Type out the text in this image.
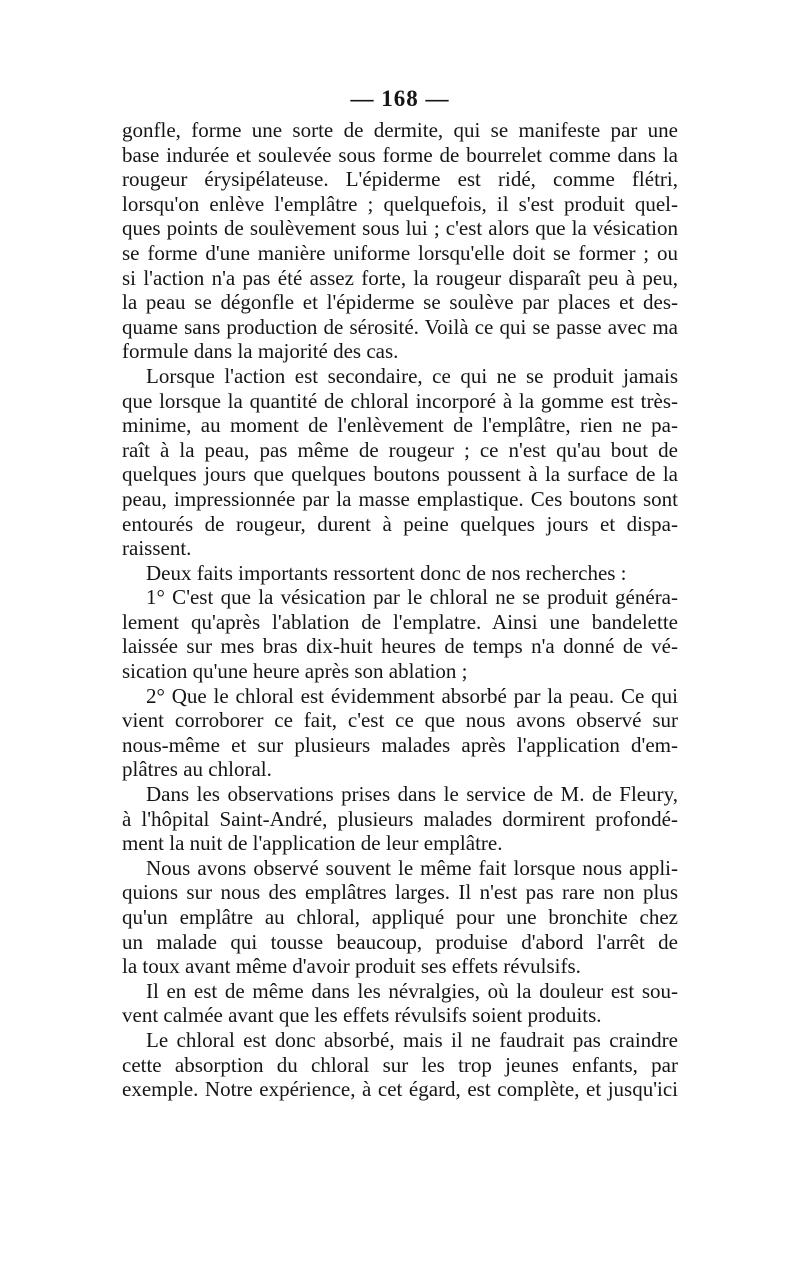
— 168 —
gonfle, forme une sorte de dermite, qui se manifeste par une
base indurée et soulevée sous forme de bourrelet comme dans la
rougeur érysipélateuse. L'épiderme est ridé, comme flétri,
lorsqu'on enlève l'emplâtre ; quelquefois, il s'est produit quel-
ques points de soulèvement sous lui ; c'est alors que la vésication
se forme d'une manière uniforme lorsqu'elle doit se former ; ou
si l'action n'a pas été assez forte, la rougeur disparaît peu à peu,
la peau se dégonfle et l'épiderme se soulève par places et des-
quame sans production de sérosité. Voilà ce qui se passe avec ma
formule dans la majorité des cas.
Lorsque l'action est secondaire, ce qui ne se produit jamais
que lorsque la quantité de chloral incorporé à la gomme est très-
minime, au moment de l'enlèvement de l'emplâtre, rien ne pa-
raît à la peau, pas même de rougeur ; ce n'est qu'au bout de
quelques jours que quelques boutons poussent à la surface de la
peau, impressionnée par la masse emplastique. Ces boutons sont
entourés de rougeur, durent à peine quelques jours et dispa-
raissent.
Deux faits importants ressortent donc de nos recherches :
1° C'est que la vésication par le chloral ne se produit généra-
lement qu'après l'ablation de l'emplatre. Ainsi une bandelette
laissée sur mes bras dix-huit heures de temps n'a donné de vé-
sication qu'une heure après son ablation ;
2° Que le chloral est évidemment absorbé par la peau. Ce qui
vient corroborer ce fait, c'est ce que nous avons observé sur
nous-même et sur plusieurs malades après l'application d'em-
plâtres au chloral.
Dans les observations prises dans le service de M. de Fleury,
à l'hôpital Saint-André, plusieurs malades dormirent profondé-
ment la nuit de l'application de leur emplâtre.
Nous avons observé souvent le même fait lorsque nous appli-
quions sur nous des emplâtres larges. Il n'est pas rare non plus
qu'un emplâtre au chloral, appliqué pour une bronchite chez
un malade qui tousse beaucoup, produise d'abord l'arrêt de
la toux avant même d'avoir produit ses effets révulsifs.
Il en est de même dans les névralgies, où la douleur est sou-
vent calmée avant que les effets révulsifs soient produits.
Le chloral est donc absorbé, mais il ne faudrait pas craindre
cette absorption du chloral sur les trop jeunes enfants, par
exemple. Notre expérience, à cet égard, est complète, et jusqu'ici
